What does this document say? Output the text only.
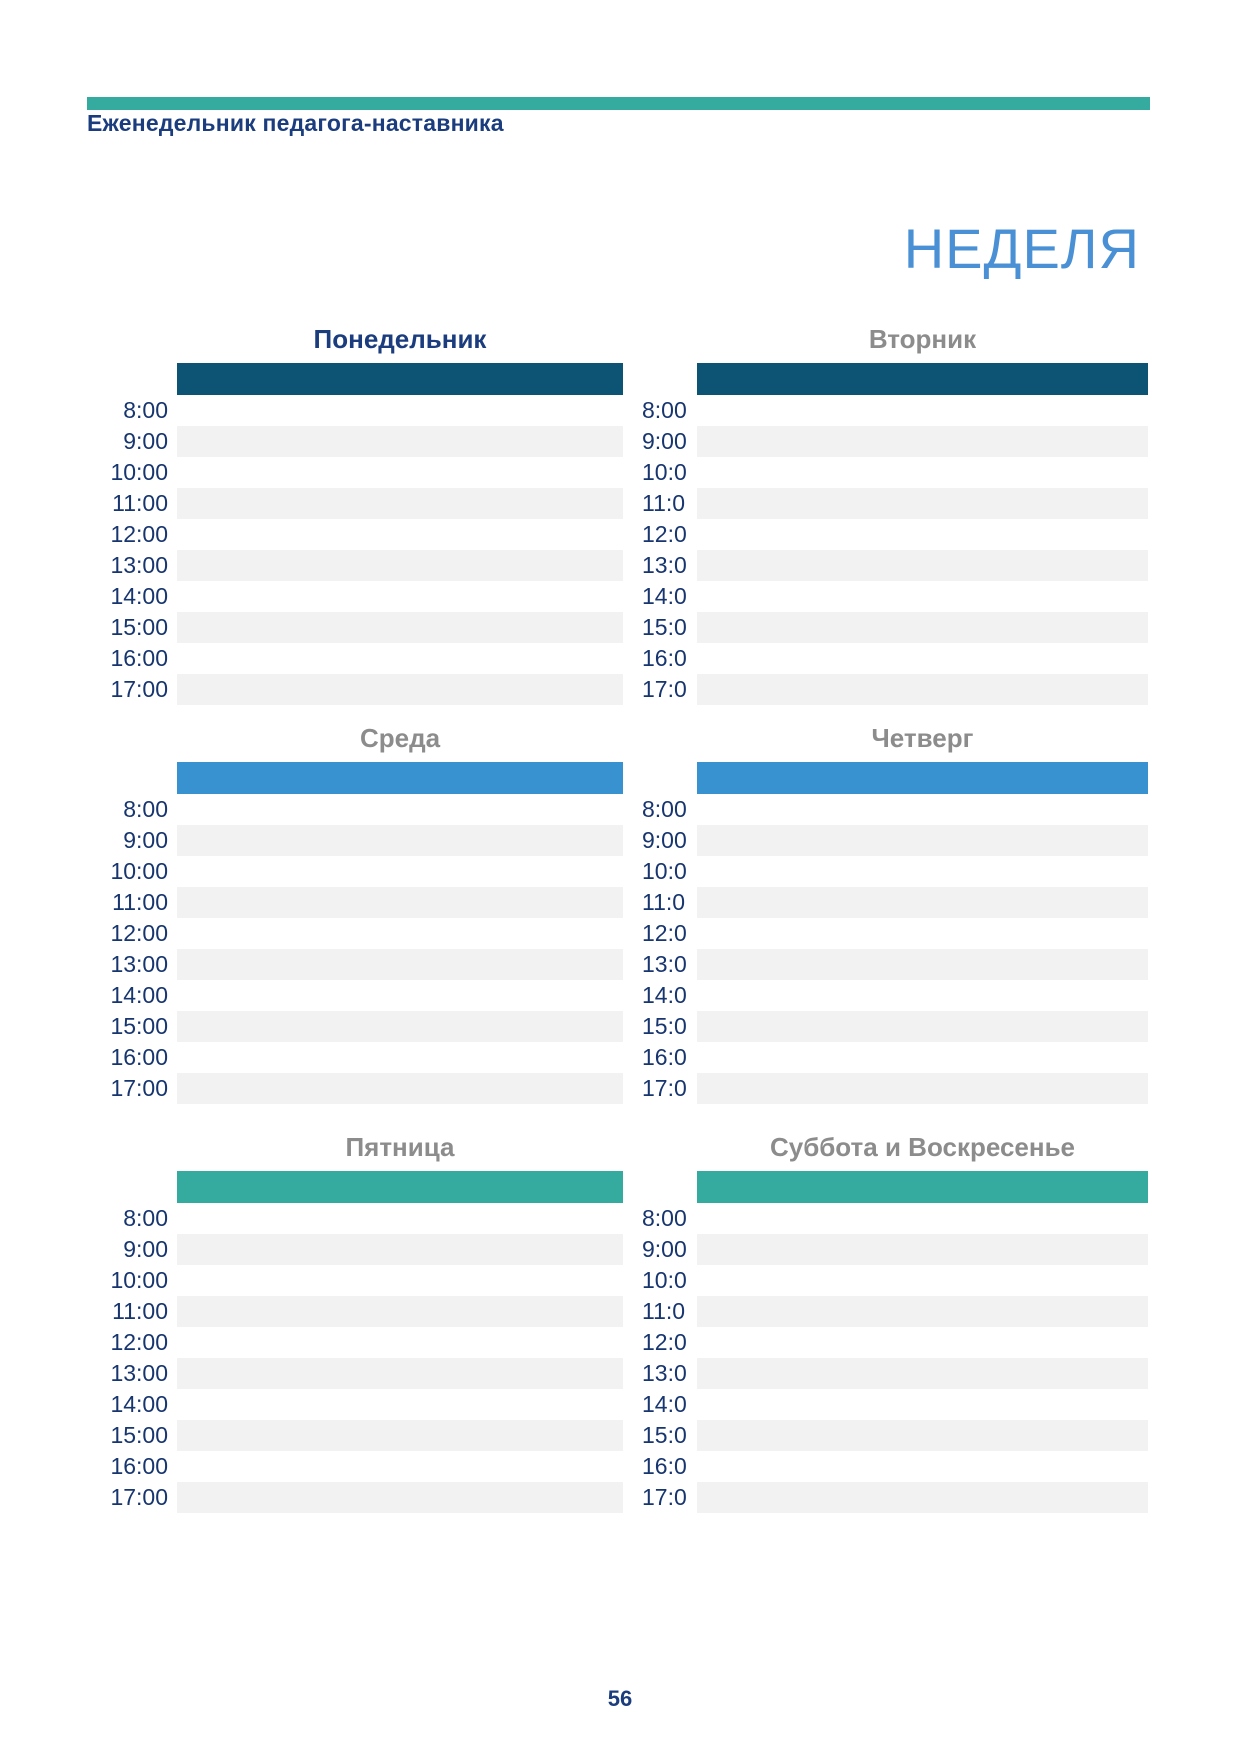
Еженедельник педагога-наставника
НЕДЕЛЯ
Понедельник
8:00
9:00
10:00
11:00
12:00
13:00
14:00
15:00
16:00
17:00
Вторник
8:00
9:00
10:0
11:0
12:0
13:0
14:0
15:0
16:0
17:0
Среда
8:00
9:00
10:00
11:00
12:00
13:00
14:00
15:00
16:00
17:00
Четверг
8:00
9:00
10:0
11:0
12:0
13:0
14:0
15:0
16:0
17:0
Пятница
8:00
9:00
10:00
11:00
12:00
13:00
14:00
15:00
16:00
17:00
Суббота и Воскресенье
8:00
9:00
10:0
11:0
12:0
13:0
14:0
15:0
16:0
17:0
56
